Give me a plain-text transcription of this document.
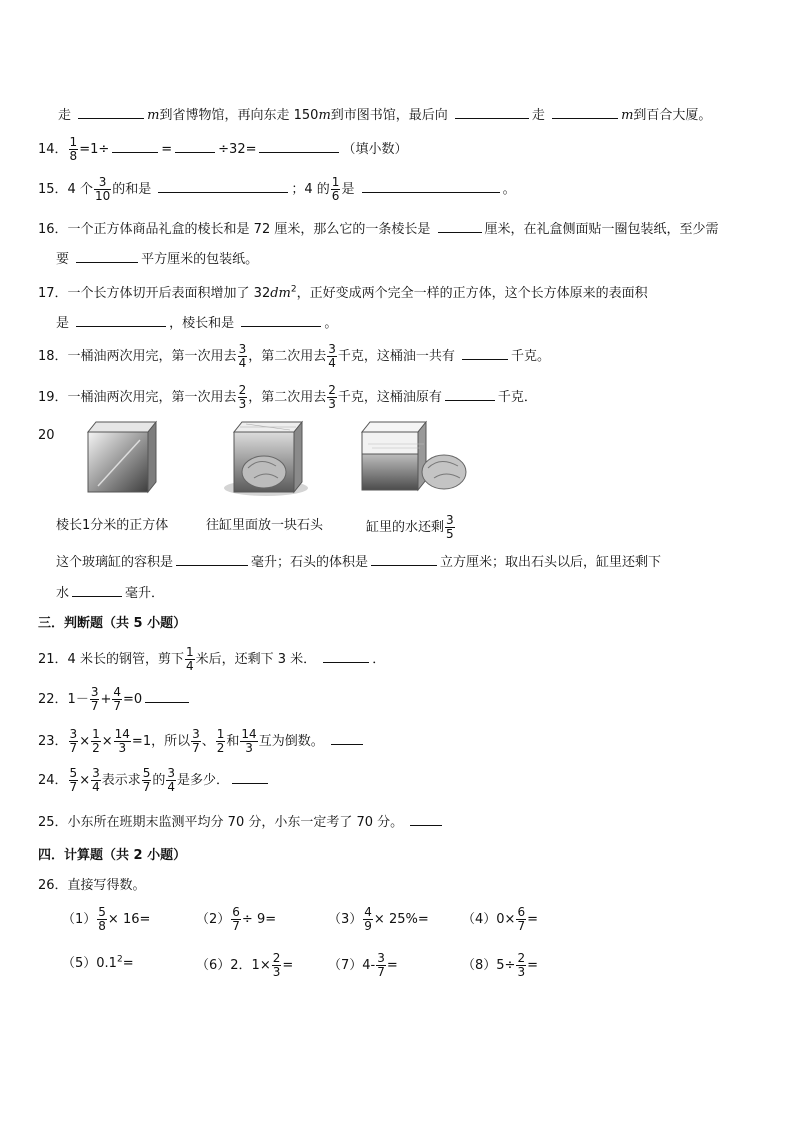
走	m到省博物馆，再向东走 150m到市图书馆，最后向	走	m到百合大厦。
14． $\frac{1}{8} =1\div$	=	÷32=	（填小数）
15．4 个 $\frac{3}{10}$ 的和是	；4 的 $\frac{1}{6}$ 是	。
16．一个正方体商品礼盒的棱长和是 72 厘米，那么它的一条棱长是	厘米，在礼盒侧面贴一圈包装纸，至少需
要	平方厘米的包装纸。
17．一个长方体切开后表面积增加了 $32dm^2$，正好变成两个完全一样的正方体，这个长方体原来的表面积
是	，棱长和是	。
18．一桶油两次用完，第一次用去 $\frac{3}{4}$ ，第二次用去 $\frac{3}{4}$ 千克，这桶油一共有	千克。
19．一桶油两次用完，第一次用去 $\frac{2}{3}$ ，第二次用去 $\frac{2}{3}$ 千克，这桶油原有	千克．
20
棱长1分米的正方体	往缸里面放一块石头	缸里的水还剩 $\frac{3}{5}$
这个玻璃缸的容积是	毫升；石头的体积是	立方厘米；取出石头以后，缸里还剩下
水	毫升．
三．判断题（共 5 小题）
21．4 米长的钢管，剪下 $\frac{1}{4}$ 米后，还剩下 3 米．	．
22．$1- \frac{3}{7} + \frac{4}{7} =0$
23． $\frac{3}{7} \times \frac{1}{2} \times \frac{14}{3} =1$，所以 $\frac{3}{7}$ 、 $\frac{1}{2}$ 和 $\frac{14}{3}$ 互为倒数。
24． $\frac{5}{7} \times \frac{3}{4}$ 表示求 $\frac{5}{7}$ 的 $\frac{3}{4}$ 是多少．
25．小东所在班期末监测平均分 70 分，小东一定考了 70 分。
四．计算题（共 2 小题）
26．直接写得数。
$(1) \frac{5}{8} \times 16=$	$(2) \frac{6}{7} \div 9=$	$(3) \frac{4}{9} \times 25\%=$	$(4)0\times \frac{6}{7}$ =
$(5)0.1^2=$	（6）2．$1\times \frac{2}{3}$ =	$(7)4- \frac{3}{7}$ =	$(8)5\div \frac{2}{3}$ =
